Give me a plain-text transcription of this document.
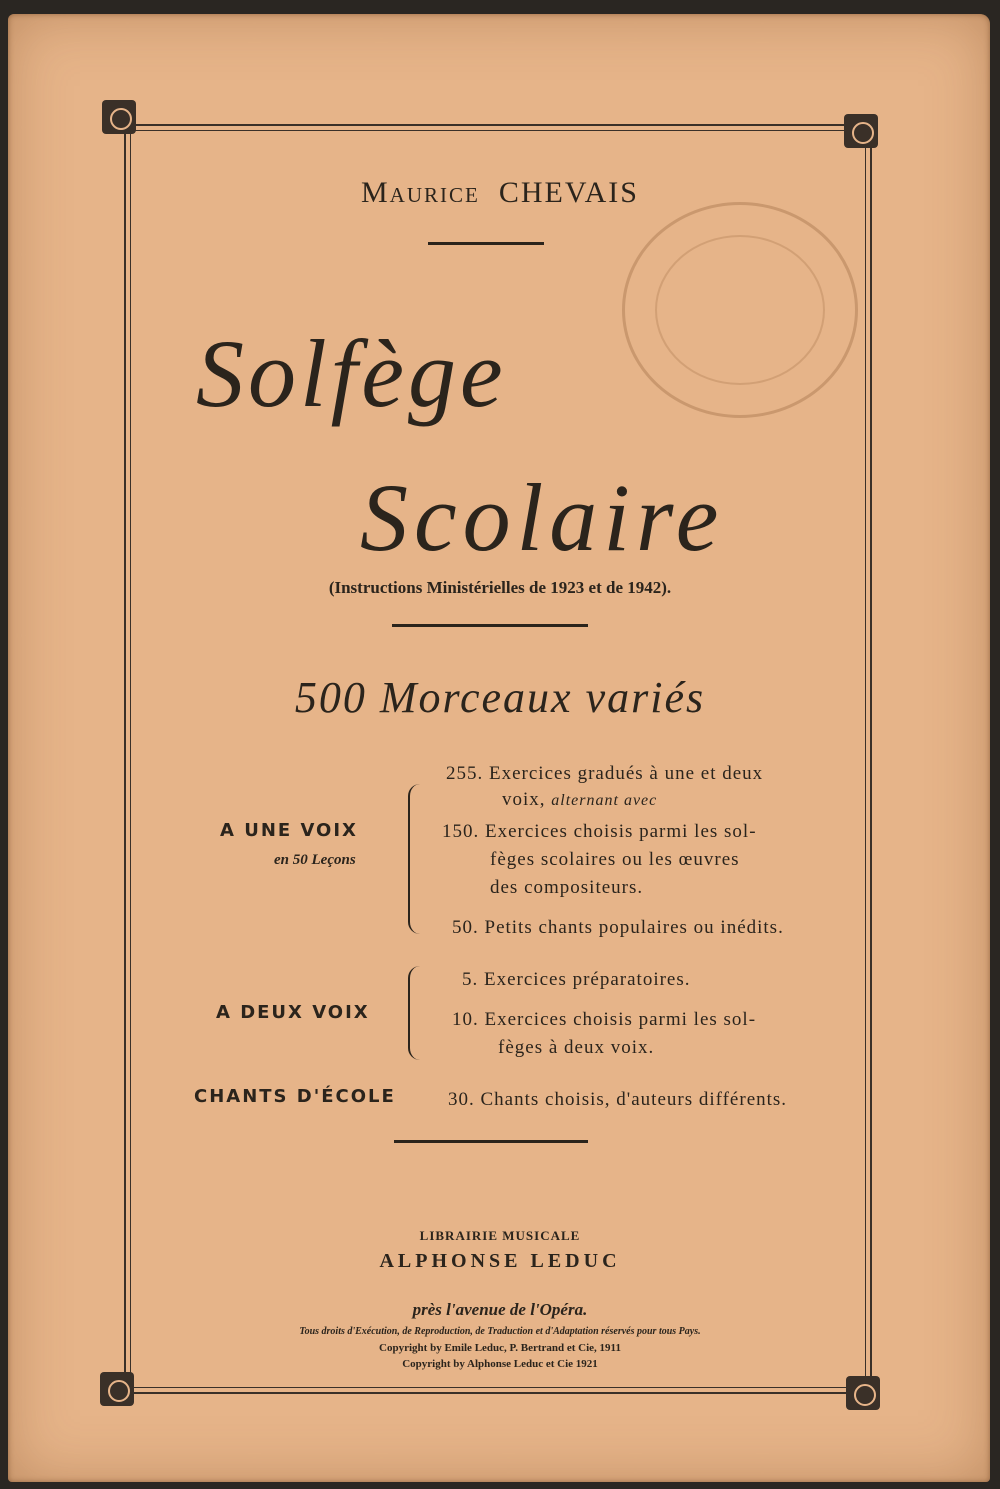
Maurice CHEVAIS
Solfège
Scolaire
(Instructions Ministérielles de 1923 et de 1942).
500 Morceaux variés
A UNE VOIX
en 50 Leçons
255. Exercices gradués à une et deux
voix, alternant avec
150. Exercices choisis parmi les sol-
fèges scolaires ou les œuvres
des compositeurs.
50. Petits chants populaires ou inédits.
A DEUX VOIX
5. Exercices préparatoires.
10. Exercices choisis parmi les sol-
fèges à deux voix.
CHANTS D'ÉCOLE	30. Chants choisis, d'auteurs différents.
LIBRAIRIE MUSICALE
ALPHONSE LEDUC
près l'avenue de l'Opéra.
Tous droits d'Exécution, de Reproduction, de Traduction et d'Adaptation réservés pour tous Pays.
Copyright by Emile Leduc, P. Bertrand et Cie, 1911
Copyright by Alphonse Leduc et Cie 1921
